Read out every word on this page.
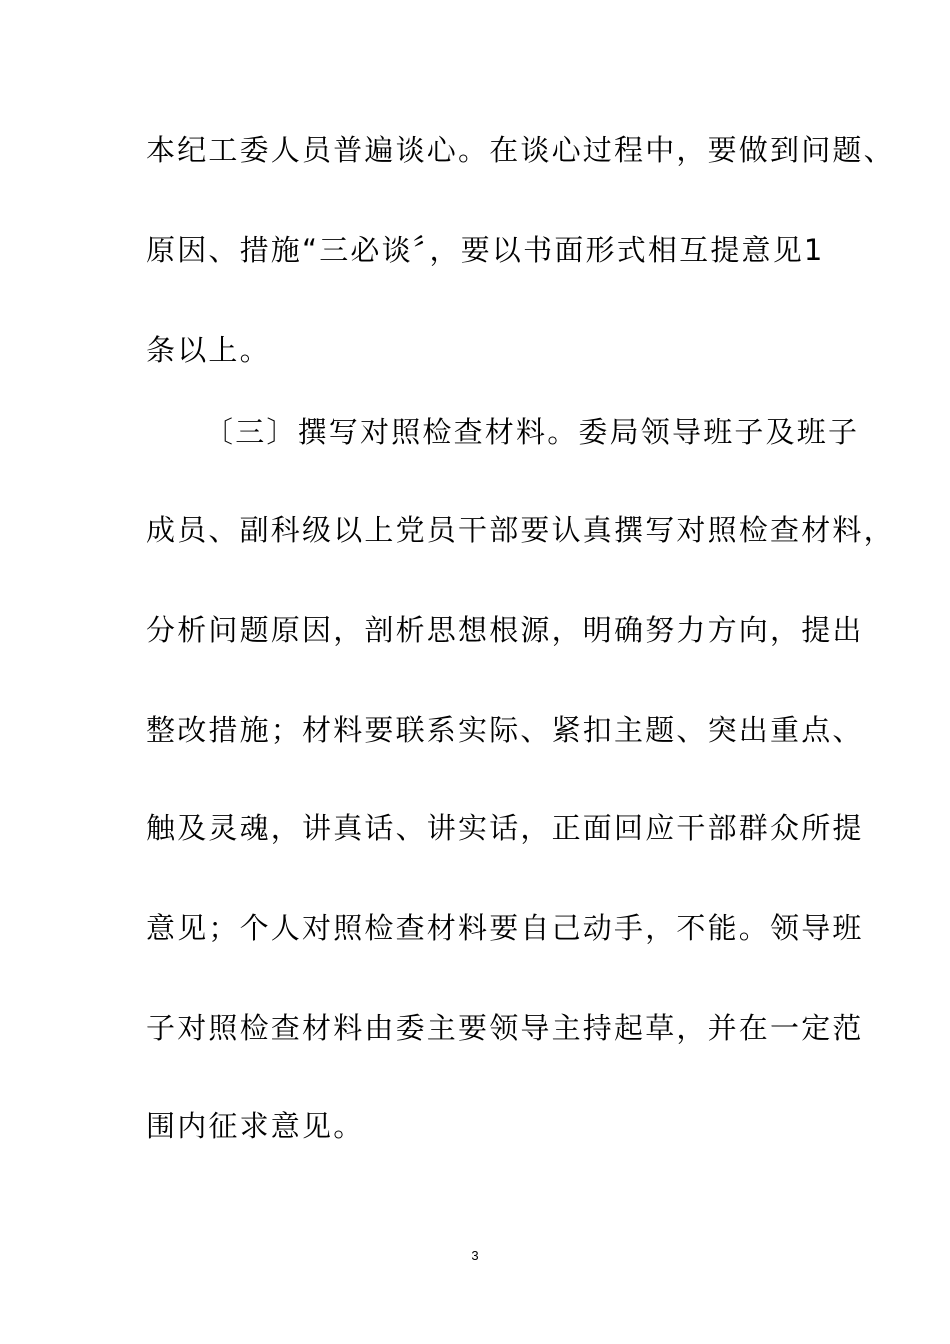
本纪工委人员普遍谈心。在谈心过程中，要做到问题、
原因、措施“三必谈〞，要以书面形式相互提意见1
条以上。
〔三〕撰写对照检查材料。委局领导班子及班子
成员、副科级以上党员干部要认真撰写对照检查材料，
分析问题原因，剖析思想根源，明确努力方向，提出
整改措施；材料要联系实际、紧扣主题、突出重点、
触及灵魂，讲真话、讲实话，正面回应干部群众所提
意见；个人对照检查材料要自己动手，不能。领导班
子对照检查材料由委主要领导主持起草，并在一定范
围内征求意见。
3
